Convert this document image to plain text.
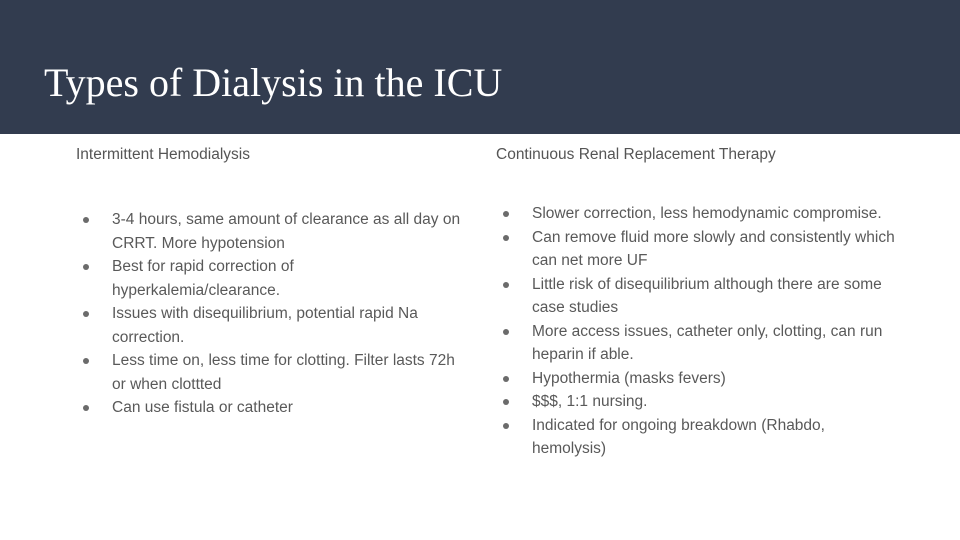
Types of Dialysis in the ICU

Intermittent Hemodialysis

3-4 hours, same amount of clearance as all day on CRRT. More hypotension
Best for rapid correction of hyperkalemia/clearance.
Issues with disequilibrium, potential rapid Na correction.
Less time on, less time for clotting. Filter lasts 72h or when clottted
Can use fistula or catheter

Continuous Renal Replacement Therapy

Slower correction, less hemodynamic compromise.
Can remove fluid more slowly and consistently which can net more UF
Little risk of disequilibrium although there are some case studies
More access issues, catheter only, clotting, can run heparin if able.
Hypothermia (masks fevers)
$$$, 1:1 nursing.
Indicated for ongoing breakdown (Rhabdo, hemolysis)
